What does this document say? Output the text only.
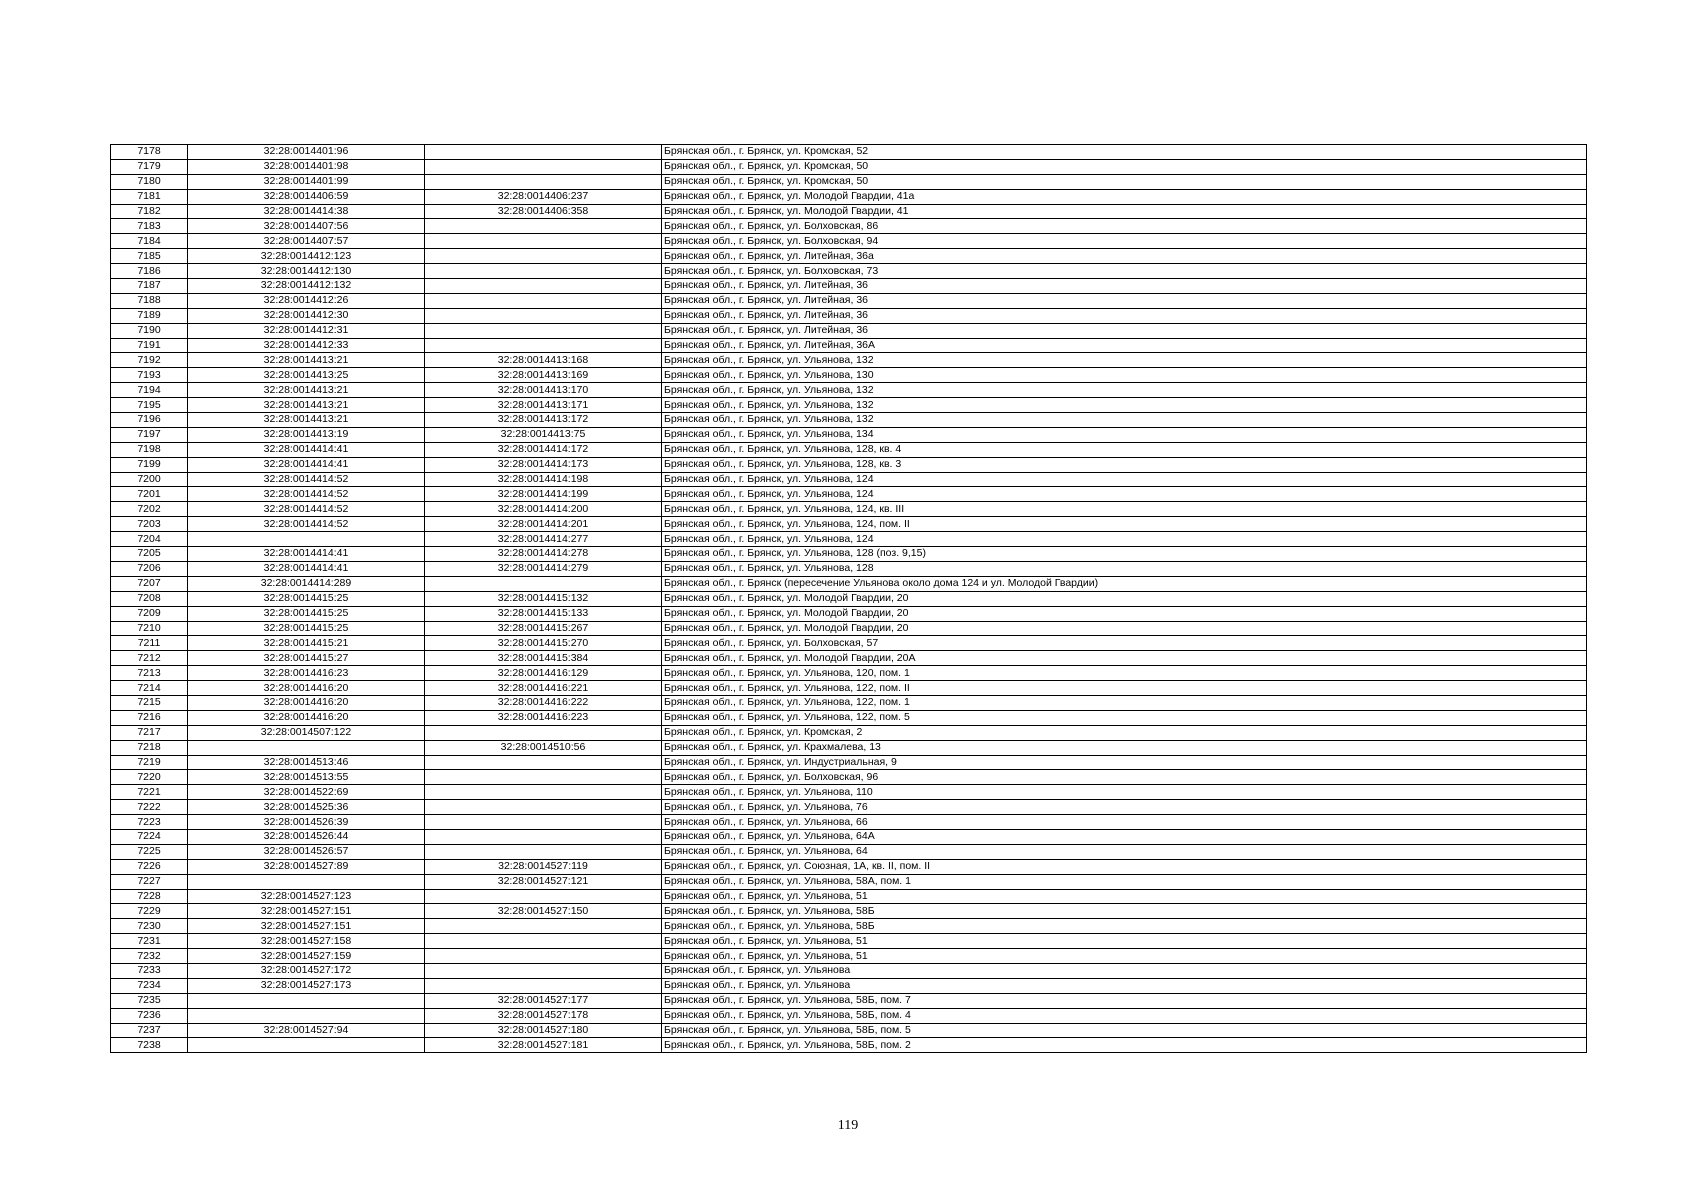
7178	32:28:0014401:96		Брянская обл., г. Брянск, ул. Кромская, 52
7179	32:28:0014401:98		Брянская обл., г. Брянск, ул. Кромская, 50
7180	32:28:0014401:99		Брянская обл., г. Брянск, ул. Кромская, 50
7181	32:28:0014406:59	32:28:0014406:237	Брянская обл., г. Брянск, ул. Молодой Гвардии, 41а
7182	32:28:0014414:38	32:28:0014406:358	Брянская обл., г. Брянск, ул. Молодой Гвардии, 41
7183	32:28:0014407:56		Брянская обл., г. Брянск, ул. Болховская, 86
7184	32:28:0014407:57		Брянская обл., г. Брянск, ул. Болховская, 94
7185	32:28:0014412:123		Брянская обл., г. Брянск, ул. Литейная, 36а
7186	32:28:0014412:130		Брянская обл., г. Брянск, ул. Болховская, 73
7187	32:28:0014412:132		Брянская обл., г. Брянск, ул. Литейная, 36
7188	32:28:0014412:26		Брянская обл., г. Брянск, ул. Литейная, 36
7189	32:28:0014412:30		Брянская обл., г. Брянск, ул. Литейная, 36
7190	32:28:0014412:31		Брянская обл., г. Брянск, ул. Литейная, 36
7191	32:28:0014412:33		Брянская обл., г. Брянск, ул. Литейная, 36А
7192	32:28:0014413:21	32:28:0014413:168	Брянская обл., г. Брянск, ул. Ульянова, 132
7193	32:28:0014413:25	32:28:0014413:169	Брянская обл., г. Брянск, ул. Ульянова, 130
7194	32:28:0014413:21	32:28:0014413:170	Брянская обл., г. Брянск, ул. Ульянова, 132
7195	32:28:0014413:21	32:28:0014413:171	Брянская обл., г. Брянск, ул. Ульянова, 132
7196	32:28:0014413:21	32:28:0014413:172	Брянская обл., г. Брянск, ул. Ульянова, 132
7197	32:28:0014413:19	32:28:0014413:75	Брянская обл., г. Брянск, ул. Ульянова, 134
7198	32:28:0014414:41	32:28:0014414:172	Брянская обл., г. Брянск, ул. Ульянова, 128, кв. 4
7199	32:28:0014414:41	32:28:0014414:173	Брянская обл., г. Брянск, ул. Ульянова, 128, кв. 3
7200	32:28:0014414:52	32:28:0014414:198	Брянская обл., г. Брянск, ул. Ульянова, 124
7201	32:28:0014414:52	32:28:0014414:199	Брянская обл., г. Брянск, ул. Ульянова, 124
7202	32:28:0014414:52	32:28:0014414:200	Брянская обл., г. Брянск, ул. Ульянова, 124, кв. III
7203	32:28:0014414:52	32:28:0014414:201	Брянская обл., г. Брянск, ул. Ульянова, 124, пом. II
7204		32:28:0014414:277	Брянская обл., г. Брянск, ул. Ульянова, 124
7205	32:28:0014414:41	32:28:0014414:278	Брянская обл., г. Брянск, ул. Ульянова, 128 (поз. 9,15)
7206	32:28:0014414:41	32:28:0014414:279	Брянская обл., г. Брянск, ул. Ульянова, 128
7207	32:28:0014414:289		Брянская обл., г. Брянск (пересечение Ульянова около дома 124 и ул. Молодой Гвардии)
7208	32:28:0014415:25	32:28:0014415:132	Брянская обл., г. Брянск, ул. Молодой Гвардии, 20
7209	32:28:0014415:25	32:28:0014415:133	Брянская обл., г. Брянск, ул. Молодой Гвардии, 20
7210	32:28:0014415:25	32:28:0014415:267	Брянская обл., г. Брянск, ул. Молодой Гвардии, 20
7211	32:28:0014415:21	32:28:0014415:270	Брянская обл., г. Брянск, ул. Болховская, 57
7212	32:28:0014415:27	32:28:0014415:384	Брянская обл., г. Брянск, ул. Молодой Гвардии, 20А
7213	32:28:0014416:23	32:28:0014416:129	Брянская обл., г. Брянск, ул. Ульянова, 120, пом. 1
7214	32:28:0014416:20	32:28:0014416:221	Брянская обл., г. Брянск, ул. Ульянова, 122, пом. II
7215	32:28:0014416:20	32:28:0014416:222	Брянская обл., г. Брянск, ул. Ульянова, 122, пом. 1
7216	32:28:0014416:20	32:28:0014416:223	Брянская обл., г. Брянск, ул. Ульянова, 122, пом. 5
7217	32:28:0014507:122		Брянская обл., г. Брянск, ул. Кромская, 2
7218		32:28:0014510:56	Брянская обл., г. Брянск, ул. Крахмалева, 13
7219	32:28:0014513:46		Брянская обл., г. Брянск, ул. Индустриальная, 9
7220	32:28:0014513:55		Брянская обл., г. Брянск, ул. Болховская, 96
7221	32:28:0014522:69		Брянская обл., г. Брянск, ул. Ульянова, 110
7222	32:28:0014525:36		Брянская обл., г. Брянск, ул. Ульянова, 76
7223	32:28:0014526:39		Брянская обл., г. Брянск, ул. Ульянова, 66
7224	32:28:0014526:44		Брянская обл., г. Брянск, ул. Ульянова, 64А
7225	32:28:0014526:57		Брянская обл., г. Брянск, ул. Ульянова, 64
7226	32:28:0014527:89	32:28:0014527:119	Брянская обл., г. Брянск, ул. Союзная, 1А, кв. II, пом. II
7227		32:28:0014527:121	Брянская обл., г. Брянск, ул. Ульянова, 58А, пом. 1
7228	32:28:0014527:123		Брянская обл., г. Брянск, ул. Ульянова, 51
7229	32:28:0014527:151	32:28:0014527:150	Брянская обл., г. Брянск, ул. Ульянова, 58Б
7230	32:28:0014527:151		Брянская обл., г. Брянск, ул. Ульянова, 58Б
7231	32:28:0014527:158		Брянская обл., г. Брянск, ул. Ульянова, 51
7232	32:28:0014527:159		Брянская обл., г. Брянск, ул. Ульянова, 51
7233	32:28:0014527:172		Брянская обл., г. Брянск, ул. Ульянова
7234	32:28:0014527:173		Брянская обл., г. Брянск, ул. Ульянова
7235		32:28:0014527:177	Брянская обл., г. Брянск, ул. Ульянова, 58Б, пом. 7
7236		32:28:0014527:178	Брянская обл., г. Брянск, ул. Ульянова, 58Б, пом. 4
7237	32:28:0014527:94	32:28:0014527:180	Брянская обл., г. Брянск, ул. Ульянова, 58Б, пом. 5
7238		32:28:0014527:181	Брянская обл., г. Брянск, ул. Ульянова, 58Б, пом. 2
119
